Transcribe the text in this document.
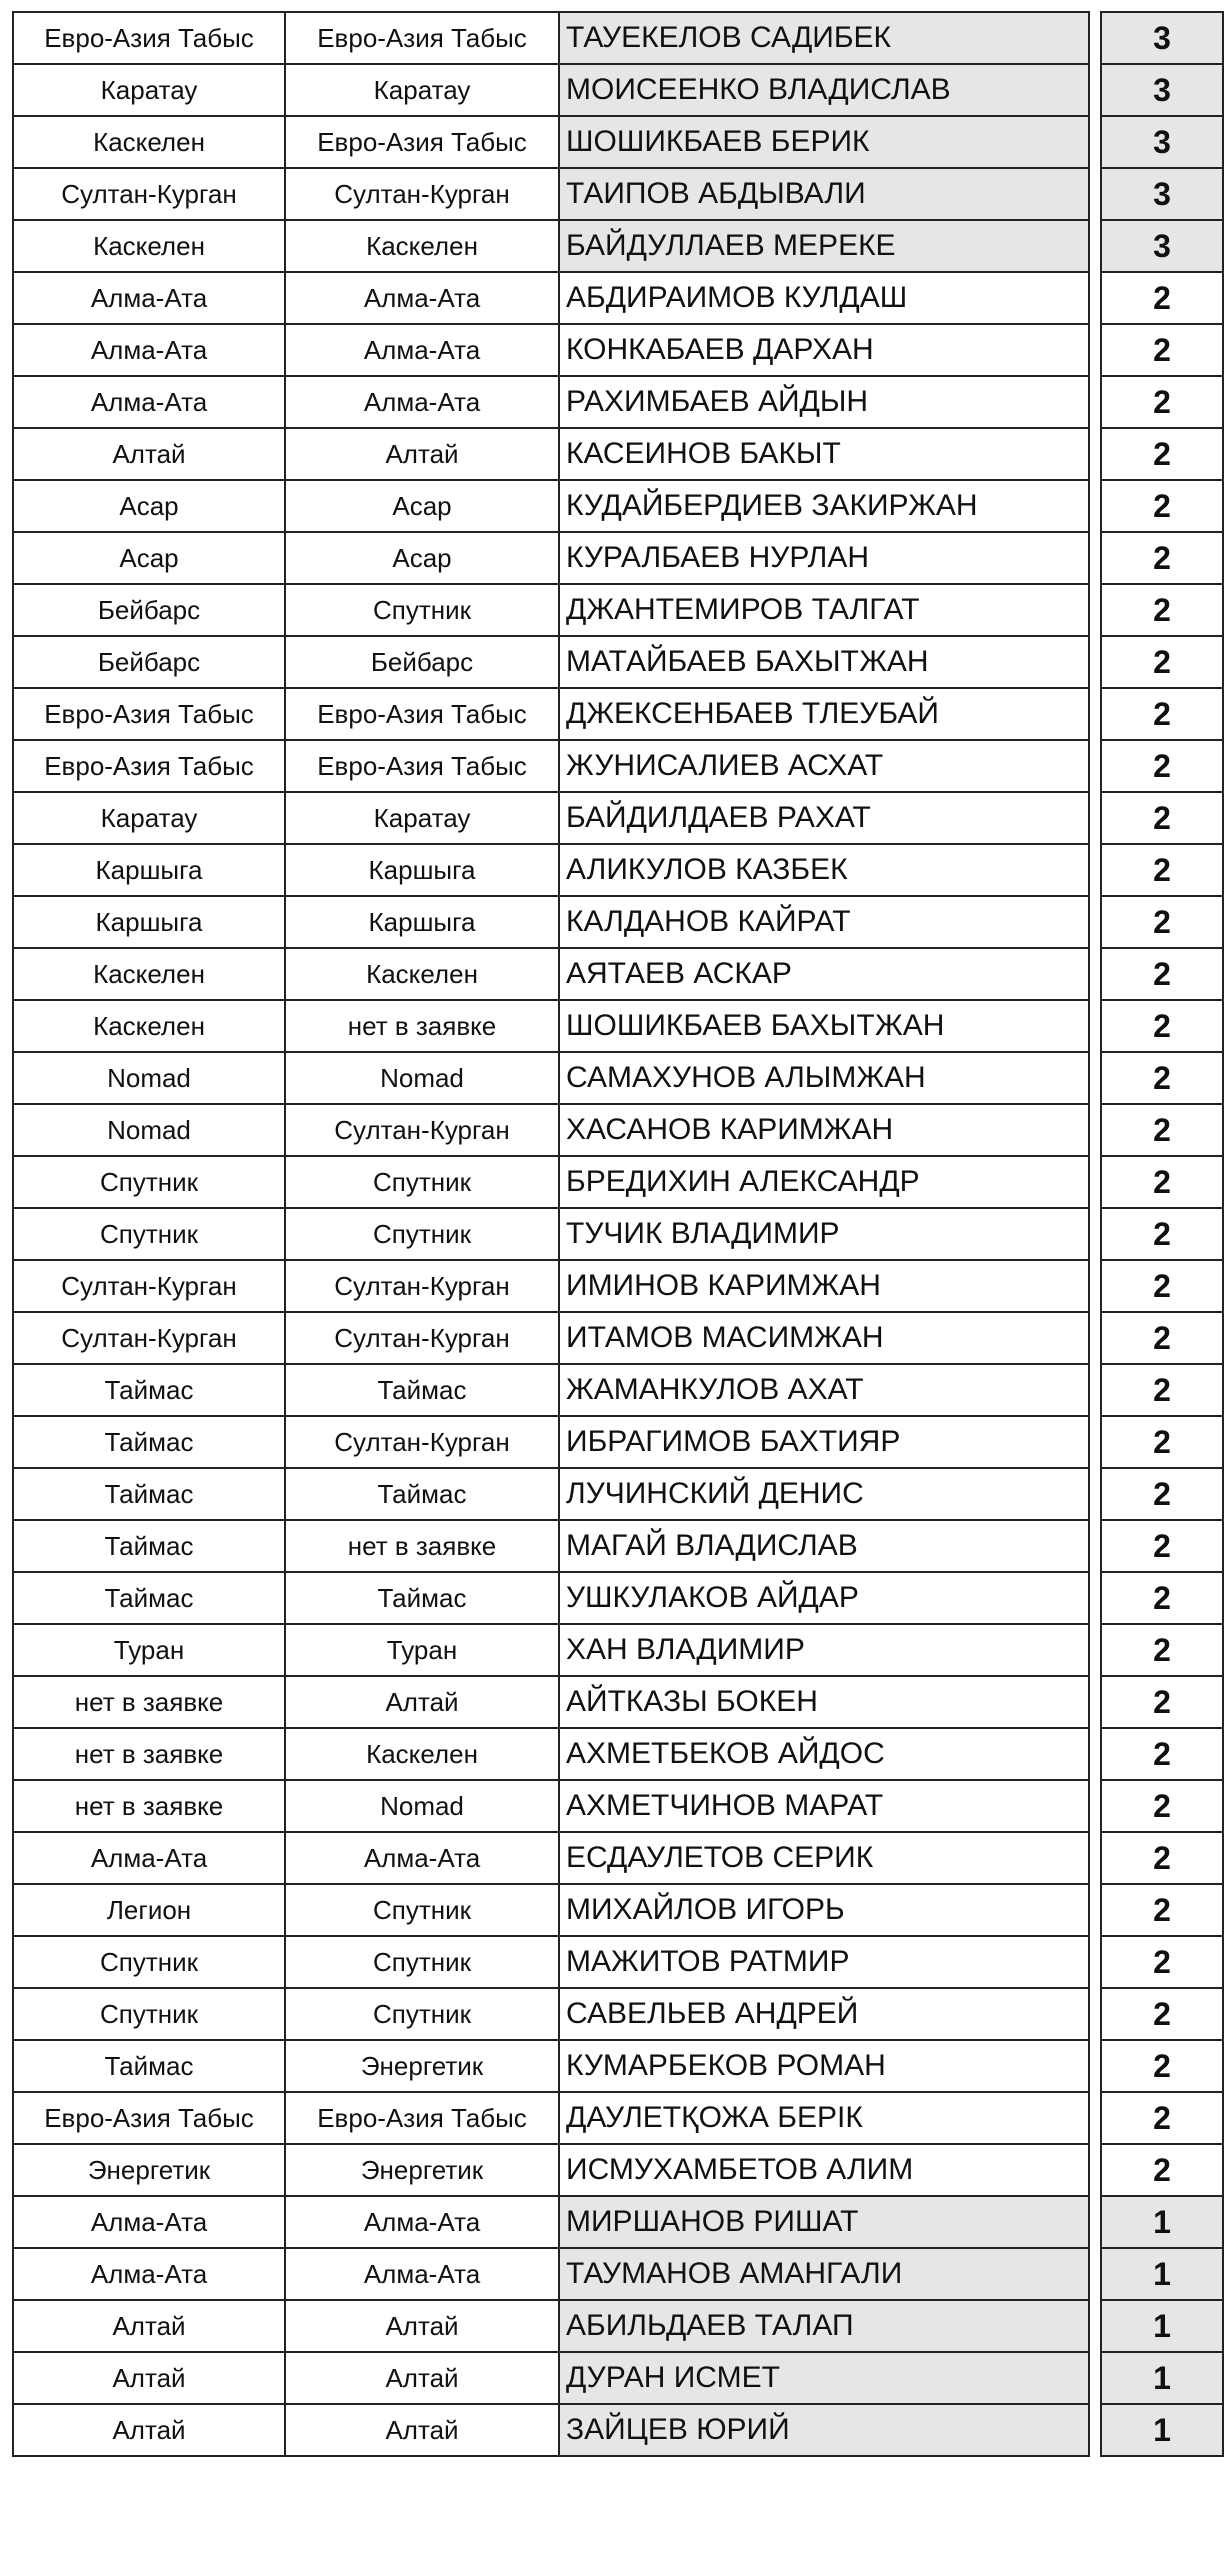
Евро-Азия Табыс	Евро-Азия Табыс	ТАУЕКЕЛОВ САДИБЕК		3
Каратау	Каратау	МОИСЕЕНКО ВЛАДИСЛАВ		3
Каскелен	Евро-Азия Табыс	ШОШИКБАЕВ БЕРИК		3
Султан-Курган	Султан-Курган	ТАИПОВ АБДЫВАЛИ		3
Каскелен	Каскелен	БАЙДУЛЛАЕВ МЕРЕКЕ		3
Алма-Ата	Алма-Ата	АБДИРАИМОВ КУЛДАШ		2
Алма-Ата	Алма-Ата	КОНКАБАЕВ ДАРХАН		2
Алма-Ата	Алма-Ата	РАХИМБАЕВ АЙДЫН		2
Алтай	Алтай	КАСЕИНОВ БАКЫТ		2
Асар	Асар	КУДАЙБЕРДИЕВ ЗАКИРЖАН		2
Асар	Асар	КУРАЛБАЕВ НУРЛАН		2
Бейбарс	Спутник	ДЖАНТЕМИРОВ ТАЛГАТ		2
Бейбарс	Бейбарс	МАТАЙБАЕВ БАХЫТЖАН		2
Евро-Азия Табыс	Евро-Азия Табыс	ДЖЕКСЕНБАЕВ ТЛЕУБАЙ		2
Евро-Азия Табыс	Евро-Азия Табыс	ЖУНИСАЛИЕВ АСХАТ		2
Каратау	Каратау	БАЙДИЛДАЕВ РАХАТ		2
Каршыга	Каршыга	АЛИКУЛОВ КАЗБЕК		2
Каршыга	Каршыга	КАЛДАНОВ КАЙРАТ		2
Каскелен	Каскелен	АЯТАЕВ АСКАР		2
Каскелен	нет в заявке	ШОШИКБАЕВ БАХЫТЖАН		2
Nomad	Nomad	САМАХУНОВ АЛЫМЖАН		2
Nomad	Султан-Курган	ХАСАНОВ КАРИМЖАН		2
Спутник	Спутник	БРЕДИХИН АЛЕКСАНДР		2
Спутник	Спутник	ТУЧИК ВЛАДИМИР		2
Султан-Курган	Султан-Курган	ИМИНОВ КАРИМЖАН		2
Султан-Курган	Султан-Курган	ИТАМОВ МАСИМЖАН		2
Таймас	Таймас	ЖАМАНКУЛОВ АХАТ		2
Таймас	Султан-Курган	ИБРАГИМОВ БАХТИЯР		2
Таймас	Таймас	ЛУЧИНСКИЙ ДЕНИС		2
Таймас	нет в заявке	МАГАЙ ВЛАДИСЛАВ		2
Таймас	Таймас	УШКУЛАКОВ АЙДАР		2
Туран	Туран	ХАН ВЛАДИМИР		2
нет в заявке	Алтай	АЙТКАЗЫ БОКЕН		2
нет в заявке	Каскелен	АХМЕТБЕКОВ АЙДОС		2
нет в заявке	Nomad	АХМЕТЧИНОВ МАРАТ		2
Алма-Ата	Алма-Ата	ЕСДАУЛЕТОВ СЕРИК		2
Легион	Спутник	МИХАЙЛОВ ИГОРЬ		2
Спутник	Спутник	МАЖИТОВ РАТМИР		2
Спутник	Спутник	САВЕЛЬЕВ АНДРЕЙ		2
Таймас	Энергетик	КУМАРБЕКОВ РОМАН		2
Евро-Азия Табыс	Евро-Азия Табыс	ДАУЛЕТҚОЖА БЕРІК		2
Энергетик	Энергетик	ИСМУХАМБЕТОВ АЛИМ		2
Алма-Ата	Алма-Ата	МИРШАНОВ РИШАТ		1
Алма-Ата	Алма-Ата	ТАУМАНОВ АМАНГАЛИ		1
Алтай	Алтай	АБИЛЬДАЕВ ТАЛАП		1
Алтай	Алтай	ДУРАН ИСМЕТ		1
Алтай	Алтай	ЗАЙЦЕВ ЮРИЙ		1
